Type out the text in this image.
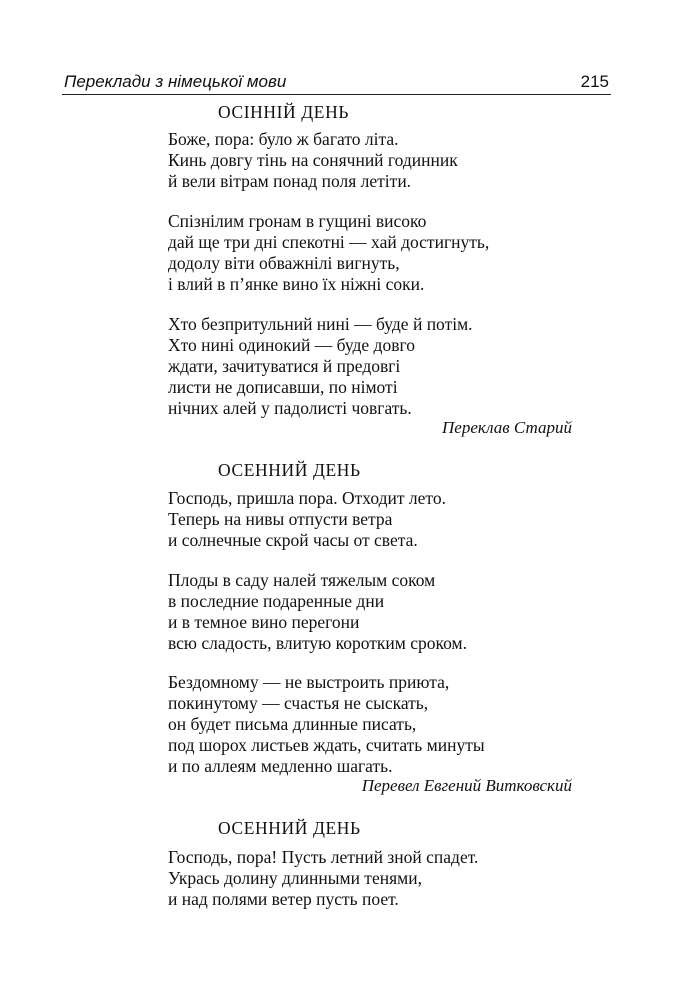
Переклади з німецької мови	215
ОСІННІЙ ДЕНЬ
Боже, пора: було ж багато літа.
Кинь довгу тінь на сонячний годинник
й вели вітрам понад поля летіти.
Спізнілим гронам в гущині високо
дай ще три дні спекотні — хай достигнуть,
додолу віти обважнілі вигнуть,
і влий в п’янке вино їх ніжні соки.
Хто безпритульний нині — буде й потім.
Хто нині одинокий — буде довго
ждати, зачитуватися й предовгі
листи не дописавши, по німоті
нічних алей у падолисті човгать.
Переклав Старий
ОСЕННИЙ ДЕНЬ
Господь, пришла пора. Отходит лето.
Теперь на нивы отпусти ветра
и солнечные скрой часы от света.
Плоды в саду налей тяжелым соком
в последние подаренные дни
и в темное вино перегони
всю сладость, влитую коротким сроком.
Бездомному — не выстроить приюта,
покинутому — счастья не сыскать,
он будет письма длинные писать,
под шорох листьев ждать, считать минуты
и по аллеям медленно шагать.
Перевел Евгений Витковский
ОСЕННИЙ ДЕНЬ
Господь, пора! Пусть летний зной спадет.
Укрась долину длинными тенями,
и над полями ветер пусть поет.
